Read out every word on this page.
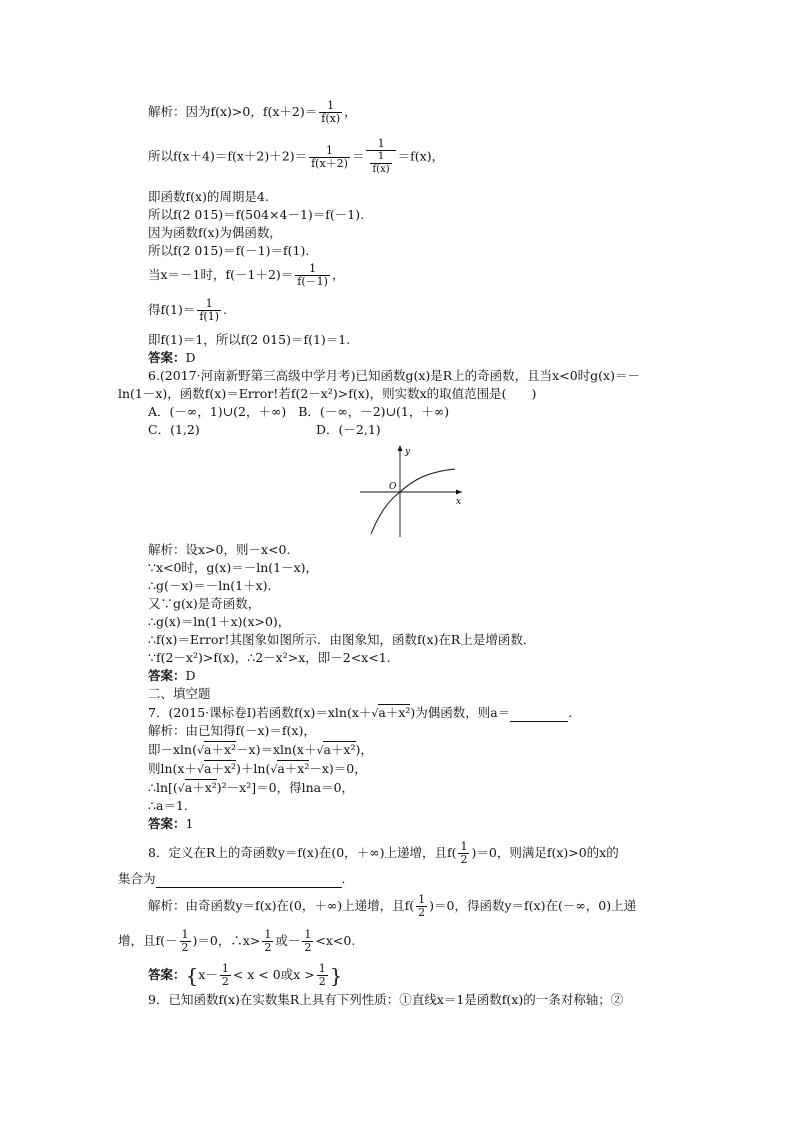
解析：因为f(x)>0，$f(x+2)= \frac{1}{f(x)}$ ，
所以$f(x+4)=f(x+2)+2)= \frac{1}{f(x+2)} = \frac{1}{\frac{1}{f(x)}} =f(x)$，
即函数f(x)的周期是4.
所以f(2 015)＝f(504×4－1)＝f(－1).
因为函数f(x)为偶函数，
所以f(2 015)＝f(－1)＝f(1).
当x＝－1时，$f(-1+2)= \frac{1}{f(-1)}$ ，
得$f(1)= \frac{1}{f(1)}$ .
即f(1)＝1，所以f(2 015)＝f(1)＝1.
答案：D
6.(2017·河南新野第三高级中学月考)已知函数g(x)是R上的奇函数，且当x<0时g(x)＝－
ln(1－x)，函数f(x)＝Error!若f(2－x²)>f(x)，则实数x的取值范围是(　　)
A．(－∞，1)∪(2，＋∞) B．(－∞，－2)∪(1，＋∞)
C．(1,2)	D．(－2,1)
y
x
O
解析：设x>0，则－x<0.
∵x<0时，g(x)＝－ln(1－x)，
∴g(－x)＝－ln(1＋x).
又∵g(x)是奇函数，
∴g(x)＝ln(1＋x)(x>0)，
∴f(x)＝Error!其图象如图所示．由图象知，函数f(x)在R上是增函数．
∵f(2－x²)>f(x)，∴2－x²>x，即－2<x<1.
答案：D
二、填空题
7．(2015·课标卷Ⅰ)若函数f(x)＝xln(x＋√a＋x²)为偶函数，则a＝	.
解析：由已知得f(－x)＝f(x)，
即－xln(√a＋x²－x)＝xln(x＋√a＋x²)，
则ln(x＋√a＋x²)＋ln(√a＋x²－x)＝0，
∴ln[(√a＋x²)²－x²]＝0，得lna＝0，
∴a＝1.
答案：1
8．定义在R上的奇函数y＝f(x)在(0，＋∞)上递增，且$f( \frac{1}{2} )=0$，则满足f(x)>0的x的
集合为	．
解析：由奇函数y＝f(x)在(0，＋∞)上递增，且$f( \frac{1}{2} )=0$，得函数y＝f(x)在(－∞，0)上递
增，且$f(- \frac{1}{2} )=0$，∴x> $\frac{1}{2}$ 或－ $\frac{1}{2} <x<0$.
答案：{$x- \frac{1}{2} < x < 0$或$x > \frac{1}{2}$ }
9．已知函数f(x)在实数集R上具有下列性质：①直线x＝1是函数f(x)的一条对称轴；②
